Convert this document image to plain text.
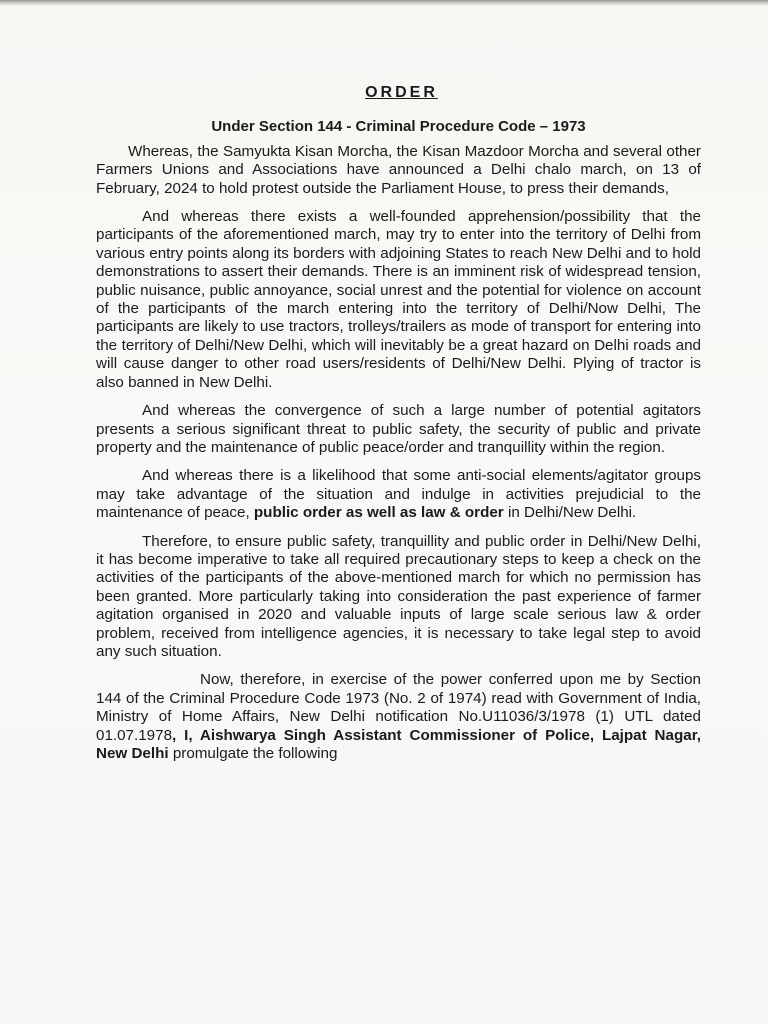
ORDER
Under Section 144 - Criminal Procedure Code – 1973

Whereas, the Samyukta Kisan Morcha, the Kisan Mazdoor Morcha and several other Farmers Unions and Associations have announced a Delhi chalo march, on 13 of February, 2024 to hold protest outside the Parliament House, to press their demands,

And whereas there exists a well-founded apprehension/possibility that the participants of the aforementioned march, may try to enter into the territory of Delhi from various entry points along its borders with adjoining States to reach New Delhi and to hold demonstrations to assert their demands. There is an imminent risk of widespread tension, public nuisance, public annoyance, social unrest and the potential for violence on account of the participants of the march entering into the territory of Delhi/Now Delhi, The participants are likely to use tractors, trolleys/trailers as mode of transport for entering into the territory of Delhi/New Delhi, which will inevitably be a great hazard on Delhi roads and will cause danger to other road users/residents of Delhi/New Delhi. Plying of tractor is also banned in New Delhi.

And whereas the convergence of such a large number of potential agitators presents a serious significant threat to public safety, the security of public and private property and the maintenance of public peace/order and tranquillity within the region.

And whereas there is a likelihood that some anti-social elements/agitator groups may take advantage of the situation and indulge in activities prejudicial to the maintenance of peace, public order as well as law & order in Delhi/New Delhi.

Therefore, to ensure public safety, tranquillity and public order in Delhi/New Delhi, it has become imperative to take all required precautionary steps to keep a check on the activities of the participants of the above-mentioned march for which no permission has been granted. More particularly taking into consideration the past experience of farmer agitation organised in 2020 and valuable inputs of large scale serious law & order problem, received from intelligence agencies, it is necessary to take legal step to avoid any such situation.

Now, therefore, in exercise of the power conferred upon me by Section 144 of the Criminal Procedure Code 1973 (No. 2 of 1974) read with Government of India, Ministry of Home Affairs, New Delhi notification No.U11036/3/1978 (1) UTL dated 01.07.1978, I, Aishwarya Singh Assistant Commissioner of Police, Lajpat Nagar, New Delhi promulgate the following
